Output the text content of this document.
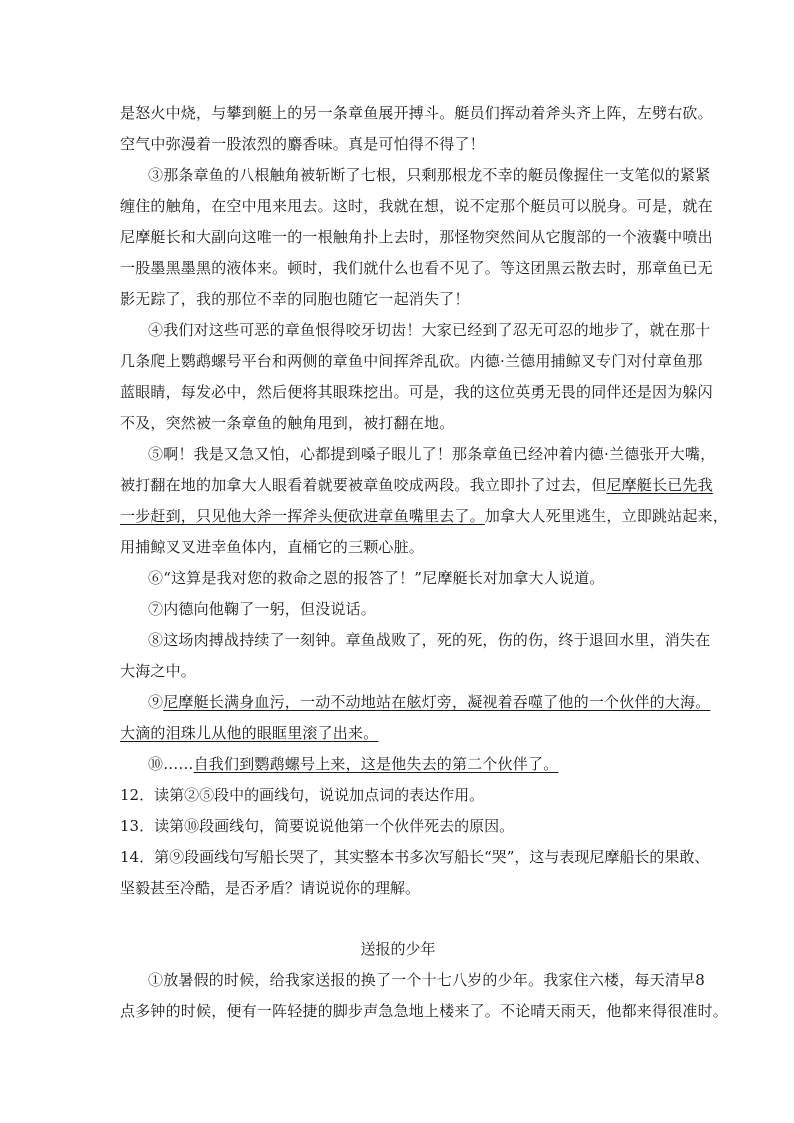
是怒火中烧，与攀到艇上的另一条章鱼展开搏斗。艇员们挥动着斧头齐上阵，左劈右砍。
空气中弥漫着一股浓烈的麝香味。真是可怕得不得了！
③那条章鱼的八根触角被斩断了七根，只剩那根龙不幸的艇员像握住一支笔似的紧紧
缠住的触角，在空中甩来甩去。这时，我就在想，说不定那个艇员可以脱身。可是，就在
尼摩艇长和大副向这唯一的一根触角扑上去时，那怪物突然间从它腹部的一个液囊中喷出
一股墨黑墨黑的液体来。顿时，我们就什么也看不见了。等这团黑云散去时，那章鱼已无
影无踪了，我的那位不幸的同胞也随它一起消失了！
④我们对这些可恶的章鱼恨得咬牙切齿！大家已经到了忍无可忍的地步了，就在那十
几条爬上鹦鹉螺号平台和两侧的章鱼中间挥斧乱砍。内德·兰德用捕鲸叉专门对付章鱼那
蓝眼睛，每发必中，然后便将其眼珠挖出。可是，我的这位英勇无畏的同伴还是因为躲闪
不及，突然被一条章鱼的触角甩到，被打翻在地。
⑤啊！我是又急又怕，心都提到嗓子眼儿了！那条章鱼已经冲着内德·兰德张开大嘴，
被打翻在地的加拿大人眼看着就要被章鱼咬成两段。我立即扑了过去，但尼摩艇长已先我
一步赶到，只见他大斧一挥斧头便砍进章鱼嘴里去了。加拿大人死里逃生，立即跳站起来，
用捕鲸叉叉进幸鱼体内，直桶它的三颗心脏。
⑥“这算是我对您的救命之恩的报答了！”尼摩艇长对加拿大人说道。
⑦内德向他鞠了一躬，但没说话。
⑧这场肉搏战持续了一刻钟。章鱼战败了，死的死，伤的伤，终于退回水里，消失在
大海之中。
⑨尼摩艇长满身血污，一动不动地站在舷灯旁，凝视着吞噬了他的一个伙伴的大海。
大滴的泪珠儿从他的眼眶里滚了出来。
⑩……自我们到鹦鹉螺号上来，这是他失去的第二个伙伴了。
12．读第②⑤段中的画线句，说说加点词的表达作用。
13．读第⑩段画线句，简要说说他第一个伙伴死去的原因。
14．第⑨段画线句写船长哭了，其实整本书多次写船长“哭”，这与表现尼摩船长的果敢、
坚毅甚至冷酷，是否矛盾？请说说你的理解。
送报的少年
①放暑假的时候，给我家送报的换了一个十七八岁的少年。我家住六楼，每天清早8
点多钟的时候，便有一阵轻捷的脚步声急急地上楼来了。不论晴天雨天，他都来得很准时。
